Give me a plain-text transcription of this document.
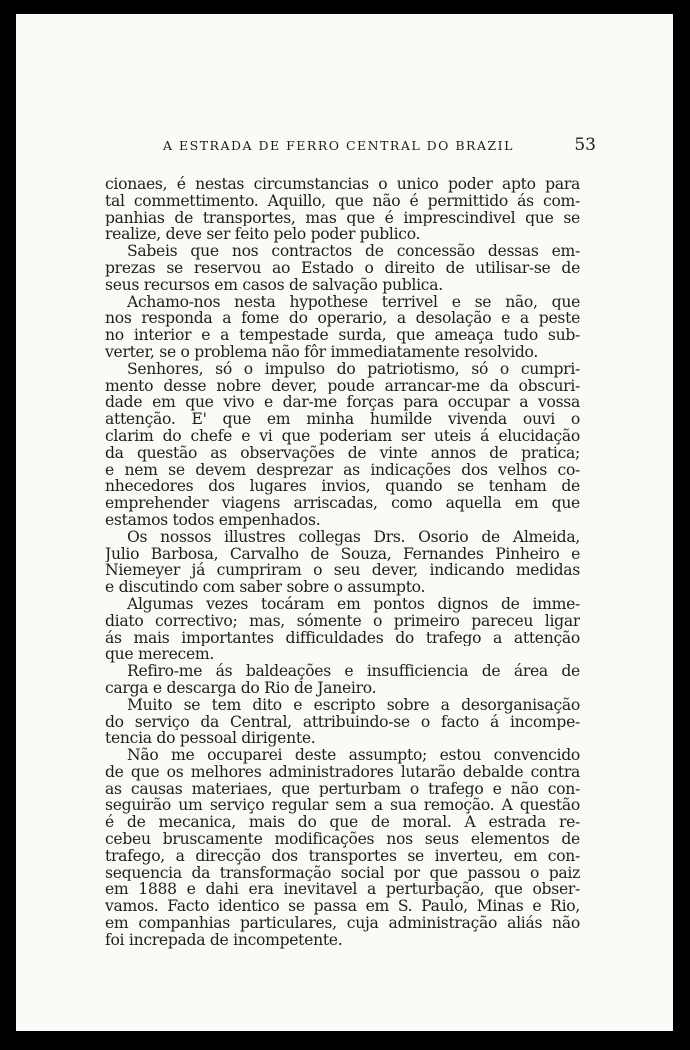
A ESTRADA DE FERRO CENTRAL DO BRAZIL	53
cionaes, é nestas circumstancias o unico poder apto para
tal commettimento. Aquillo, que não é permittido ás com-
panhias de transportes, mas que é imprescindivel que se
realize, deve ser feito pelo poder publico.
Sabeis que nos contractos de concessão dessas em-
prezas se reservou ao Estado o direito de utilisar-se de
seus recursos em casos de salvação publica.
Achamo-nos nesta hypothese terrivel e se não, que
nos responda a fome do operario, a desolação e a peste
no interior e a tempestade surda, que ameaça tudo sub-
verter, se o problema não fôr immediatamente resolvido.
Senhores, só o impulso do patriotismo, só o cumpri-
mento desse nobre dever, poude arrancar-me da obscuri-
dade em que vivo e dar-me forças para occupar a vossa
attenção. E' que em minha humilde vivenda ouvi o
clarim do chefe e vi que poderiam ser uteis á elucidação
da questão as observações de vinte annos de pratica;
e nem se devem desprezar as indicações dos velhos co-
nhecedores dos lugares invios, quando se tenham de
emprehender viagens arriscadas, como aquella em que
estamos todos empenhados.
Os nossos illustres collegas Drs. Osorio de Almeida,
Julio Barbosa, Carvalho de Souza, Fernandes Pinheiro e
Niemeyer já cumpriram o seu dever, indicando medidas
e discutindo com saber sobre o assumpto.
Algumas vezes tocáram em pontos dignos de imme-
diato correctivo; mas, sómente o primeiro pareceu ligar
ás mais importantes difficuldades do trafego a attenção
que merecem.
Refiro-me ás baldeações e insufficiencia de área de
carga e descarga do Rio de Janeiro.
Muito se tem dito e escripto sobre a desorganisação
do serviço da Central, attribuindo-se o facto á incompe-
tencia do pessoal dirigente.
Não me occuparei deste assumpto; estou convencido
de que os melhores administradores lutarão debalde contra
as causas materiaes, que perturbam o trafego e não con-
seguirão um serviço regular sem a sua remoção. A questão
é de mecanica, mais do que de moral. A estrada re-
cebeu bruscamente modificações nos seus elementos de
trafego, a direcção dos transportes se inverteu, em con-
sequencia da transformação social por que passou o paiz
em 1888 e dahi era inevitavel a perturbação, que obser-
vamos. Facto identico se passa em S. Paulo, Minas e Rio,
em companhias particulares, cuja administração aliás não
foi increpada de incompetente.
